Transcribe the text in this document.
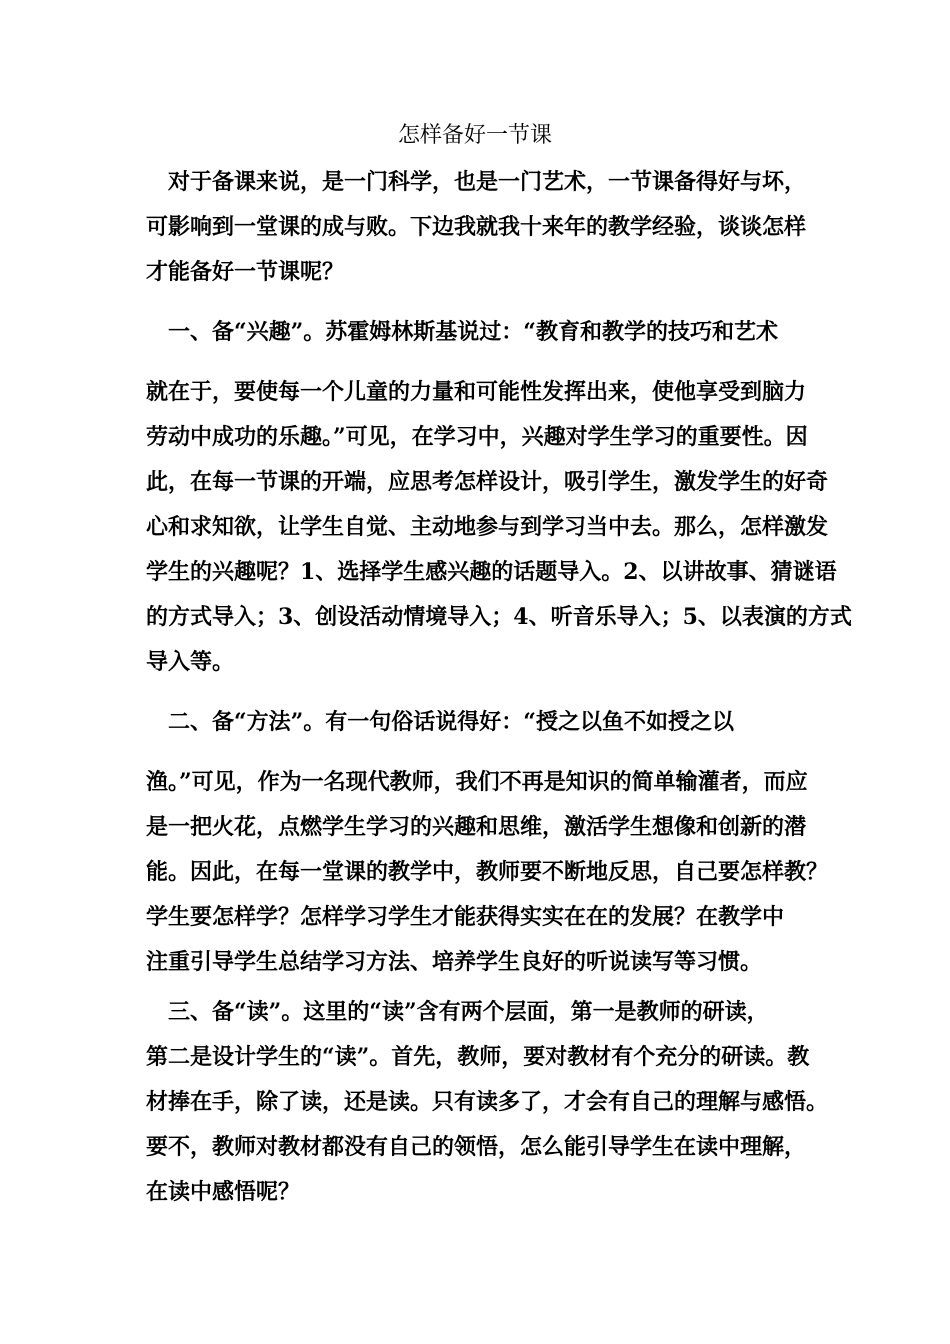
怎样备好一节课

　对于备课来说，是一门科学，也是一门艺术，一节课备得好与坏，

可影响到一堂课的成与败。下边我就我十来年的教学经验，谈谈怎样

才能备好一节课呢？

　一、备“兴趣”。苏霍姆林斯基说过：“教育和教学的技巧和艺术

就在于，要使每一个儿童的力量和可能性发挥出来，使他享受到脑力

劳动中成功的乐趣。”可见，在学习中，兴趣对学生学习的重要性。因

此，在每一节课的开端，应思考怎样设计，吸引学生，激发学生的好奇

心和求知欲，让学生自觉、主动地参与到学习当中去。那么，怎样激发

学生的兴趣呢？1、选择学生感兴趣的话题导入。2、以讲故事、猜谜语

的方式导入；3、创设活动情境导入；4、听音乐导入；5、以表演的方式

导入等。

　二、备“方法”。有一句俗话说得好：“授之以鱼不如授之以

渔。”可见，作为一名现代教师，我们不再是知识的简单输灌者，而应

是一把火花，点燃学生学习的兴趣和思维，激活学生想像和创新的潜

能。因此，在每一堂课的教学中，教师要不断地反思，自己要怎样教？

学生要怎样学？怎样学习学生才能获得实实在在的发展？在教学中

注重引导学生总结学习方法、培养学生良好的听说读写等习惯。

　三、备“读”。这里的“读”含有两个层面，第一是教师的研读，

第二是设计学生的“读”。首先，教师，要对教材有个充分的研读。教

材捧在手，除了读，还是读。只有读多了，才会有自己的理解与感悟。

要不，教师对教材都没有自己的领悟，怎么能引导学生在读中理解，

在读中感悟呢？
